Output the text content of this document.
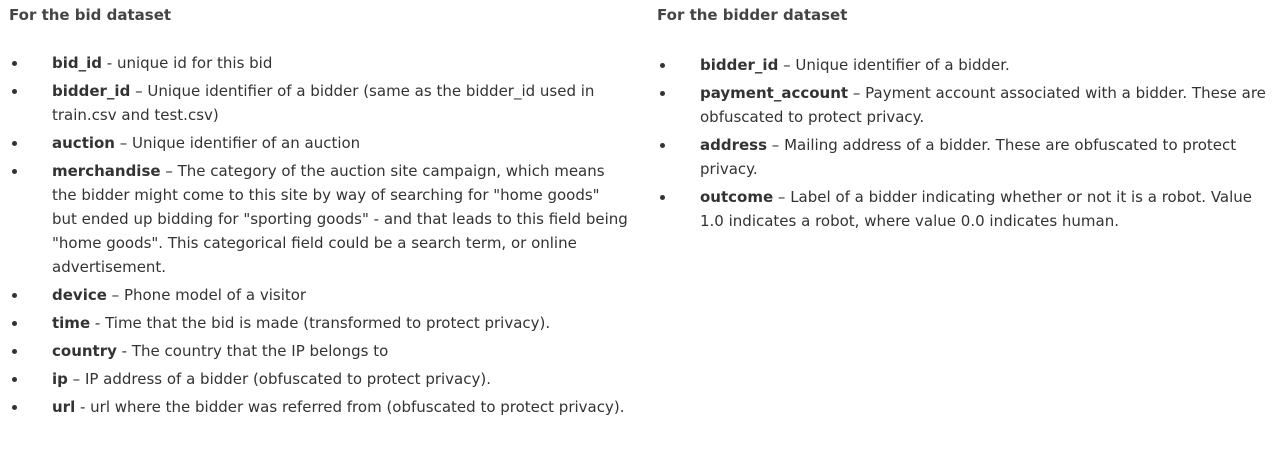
For the bid dataset
bid_id - unique id for this bid
bidder_id – Unique identifier of a bidder (same as the bidder_id used in train.csv and test.csv)
auction – Unique identifier of an auction
merchandise – The category of the auction site campaign, which means the bidder might come to this site by way of searching for "home goods" but ended up bidding for "sporting goods" - and that leads to this field being "home goods". This categorical field could be a search term, or online advertisement.
device – Phone model of a visitor
time - Time that the bid is made (transformed to protect privacy).
country - The country that the IP belongs to
ip – IP address of a bidder (obfuscated to protect privacy).
url - url where the bidder was referred from (obfuscated to protect privacy).
For the bidder dataset
bidder_id – Unique identifier of a bidder.
payment_account – Payment account associated with a bidder. These are obfuscated to protect privacy.
address – Mailing address of a bidder. These are obfuscated to protect privacy.
outcome – Label of a bidder indicating whether or not it is a robot. Value 1.0 indicates a robot, where value 0.0 indicates human.
